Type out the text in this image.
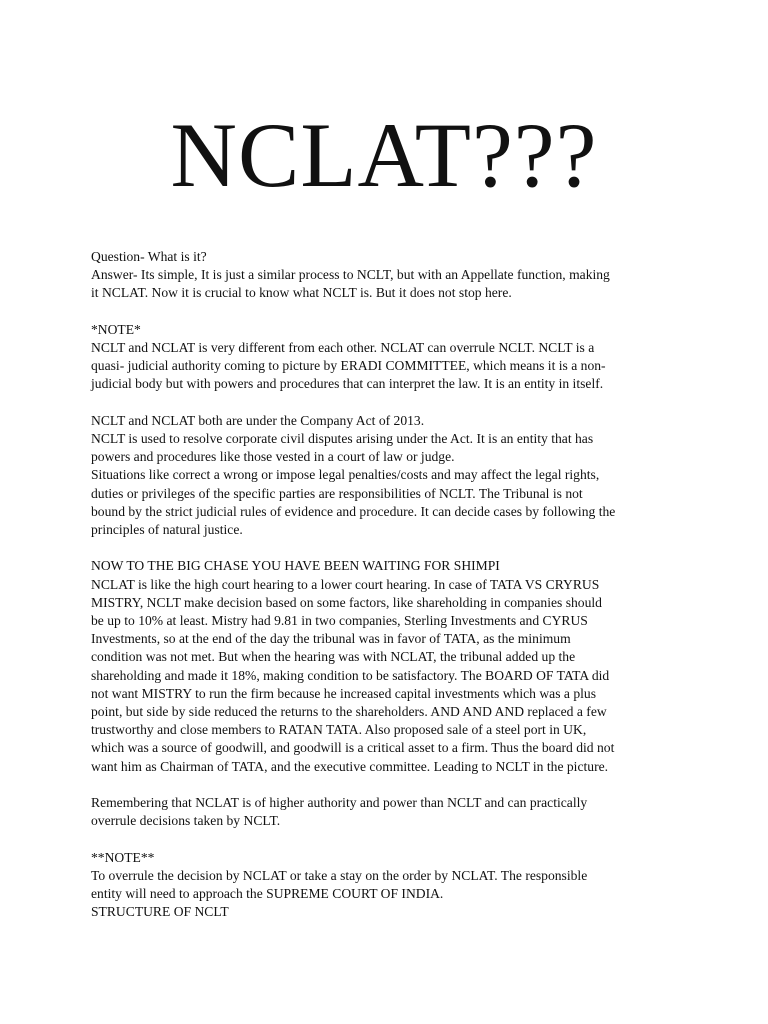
NCLAT???

Question- What is it?
Answer- Its simple, It is just a similar process to NCLT, but with an Appellate function, making
it NCLAT. Now it is crucial to know what NCLT is. But it does not stop here.

*NOTE*
NCLT and NCLAT is very different from each other. NCLAT can overrule NCLT. NCLT is a
quasi- judicial authority coming to picture by ERADI COMMITTEE, which means it is a non-
judicial body but with powers and procedures that can interpret the law. It is an entity in itself.

NCLT and NCLAT both are under the Company Act of 2013.
NCLT is used to resolve corporate civil disputes arising under the Act. It is an entity that has
powers and procedures like those vested in a court of law or judge.
Situations like correct a wrong or impose legal penalties/costs and may affect the legal rights,
duties or privileges of the specific parties are responsibilities of NCLT. The Tribunal is not
bound by the strict judicial rules of evidence and procedure. It can decide cases by following the
principles of natural justice.

NOW TO THE BIG CHASE YOU HAVE BEEN WAITING FOR SHIMPI
NCLAT is like the high court hearing to a lower court hearing. In case of TATA VS CRYRUS
MISTRY, NCLT make decision based on some factors, like shareholding in companies should
be up to 10% at least. Mistry had 9.81 in two companies, Sterling Investments and CYRUS
Investments, so at the end of the day the tribunal was in favor of TATA, as the minimum
condition was not met. But when the hearing was with NCLAT, the tribunal added up the
shareholding and made it 18%, making condition to be satisfactory. The BOARD OF TATA did
not want MISTRY to run the firm because he increased capital investments which was a plus
point, but side by side reduced the returns to the shareholders. AND AND AND replaced a few
trustworthy and close members to RATAN TATA. Also proposed sale of a steel port in UK,
which was a source of goodwill, and goodwill is a critical asset to a firm. Thus the board did not
want him as Chairman of TATA, and the executive committee. Leading to NCLT in the picture.

Remembering that NCLAT is of higher authority and power than NCLT and can practically
overrule decisions taken by NCLT.

**NOTE**
To overrule the decision by NCLAT or take a stay on the order by NCLAT. The responsible
entity will need to approach the SUPREME COURT OF INDIA.
STRUCTURE OF NCLT
